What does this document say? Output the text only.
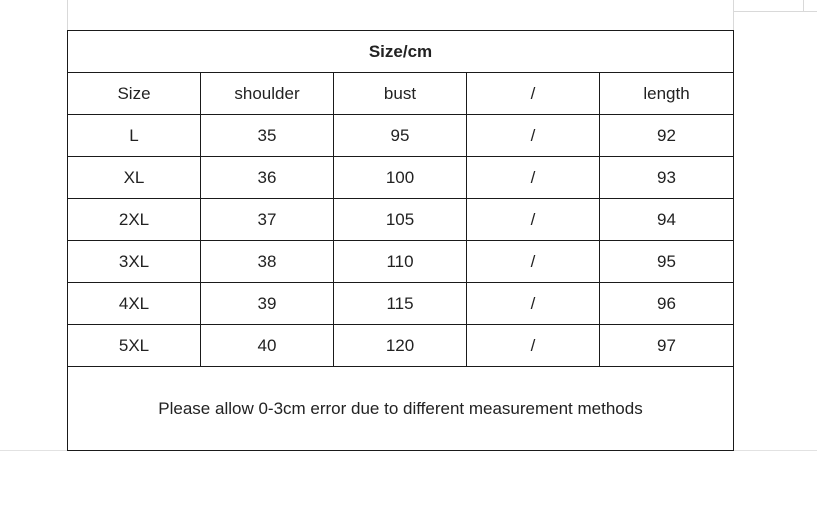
Size/cm				
Size	shoulder	bust	/	length
L	35	95	/	92
XL	36	100	/	93
2XL	37	105	/	94
3XL	38	110	/	95
4XL	39	115	/	96
5XL	40	120	/	97
Please allow 0-3cm error due to different measurement methods				
